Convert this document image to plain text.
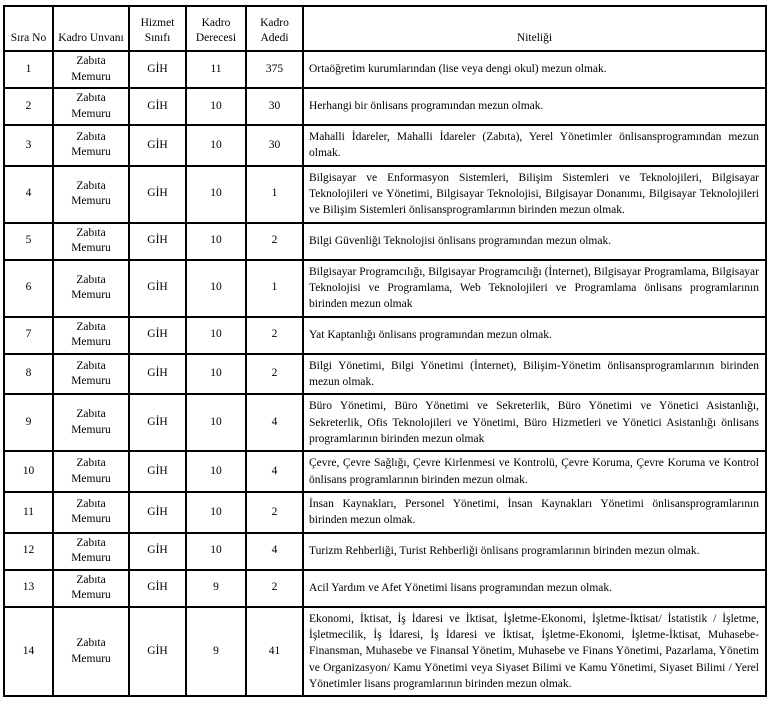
Sıra No	Kadro Unvanı	Hizmet Sınıfı	Kadro Derecesi	Kadro Adedi	Niteliği
1	Zabıta Memuru	GİH	11	375	Ortaöğretim kurumlarından (lise veya dengi okul) mezun olmak.
2	Zabıta Memuru	GİH	10	30	Herhangi bir önlisans programından mezun olmak.
3	Zabıta Memuru	GİH	10	30	Mahalli İdareler, Mahalli İdareler (Zabıta), Yerel Yönetimler önlisansprogramından mezun olmak.
4	Zabıta Memuru	GİH	10	1	Bilgisayar ve Enformasyon Sistemleri, Bilişim Sistemleri ve Teknolojileri, Bilgisayar Teknolojileri ve Yönetimi, Bilgisayar Teknolojisi, Bilgisayar Donanımı, Bilgisayar Teknolojileri ve Bilişim Sistemleri önlisansprogramlarının birinden mezun olmak.
5	Zabıta Memuru	GİH	10	2	Bilgi Güvenliği Teknolojisi önlisans programından mezun olmak.
6	Zabıta Memuru	GİH	10	1	Bilgisayar Programcılığı, Bilgisayar Programcılığı (İnternet), Bilgisayar Programlama, Bilgisayar Teknolojisi ve Programlama, Web Teknolojileri ve Programlama önlisans programlarının birinden mezun olmak
7	Zabıta Memuru	GİH	10	2	Yat Kaptanlığı önlisans programından mezun olmak.
8	Zabıta Memuru	GİH	10	2	Bilgi Yönetimi, Bilgi Yönetimi (İnternet), Bilişim-Yönetim önlisansprogramlarının birinden mezun olmak.
9	Zabıta Memuru	GİH	10	4	Büro Yönetimi, Büro Yönetimi ve Sekreterlik, Büro Yönetimi ve Yönetici Asistanlığı, Sekreterlik, Ofis Teknolojileri ve Yönetimi, Büro Hizmetleri ve Yönetici Asistanlığı önlisans programlarının birinden mezun olmak
10	Zabıta Memuru	GİH	10	4	Çevre, Çevre Sağlığı, Çevre Kirlenmesi ve Kontrolü, Çevre Koruma, Çevre Koruma ve Kontrol önlisans programlarının birinden mezun olmak.
11	Zabıta Memuru	GİH	10	2	İnsan Kaynakları, Personel Yönetimi, İnsan Kaynakları Yönetimi önlisansprogramlarının birinden mezun olmak.
12	Zabıta Memuru	GİH	10	4	Turizm Rehberliği, Turist Rehberliği önlisans programlarının birinden mezun olmak.
13	Zabıta Memuru	GİH	9	2	Acil Yardım ve Afet Yönetimi lisans programından mezun olmak.
14	Zabıta Memuru	GİH	9	41	Ekonomi, İktisat, İş İdaresi ve İktisat, İşletme-Ekonomi, İşletme-İktisat/ İstatistik / İşletme, İşletmecilik, İş İdaresi, İş İdaresi ve İktisat, İşletme-Ekonomi, İşletme-İktisat, Muhasebe-Finansman, Muhasebe ve Finansal Yönetim, Muhasebe ve Finans Yönetimi, Pazarlama, Yönetim ve Organizasyon/ Kamu Yönetimi veya Siyaset Bilimi ve Kamu Yönetimi, Siyaset Bilimi / Yerel Yönetimler lisans programlarının birinden mezun olmak.
